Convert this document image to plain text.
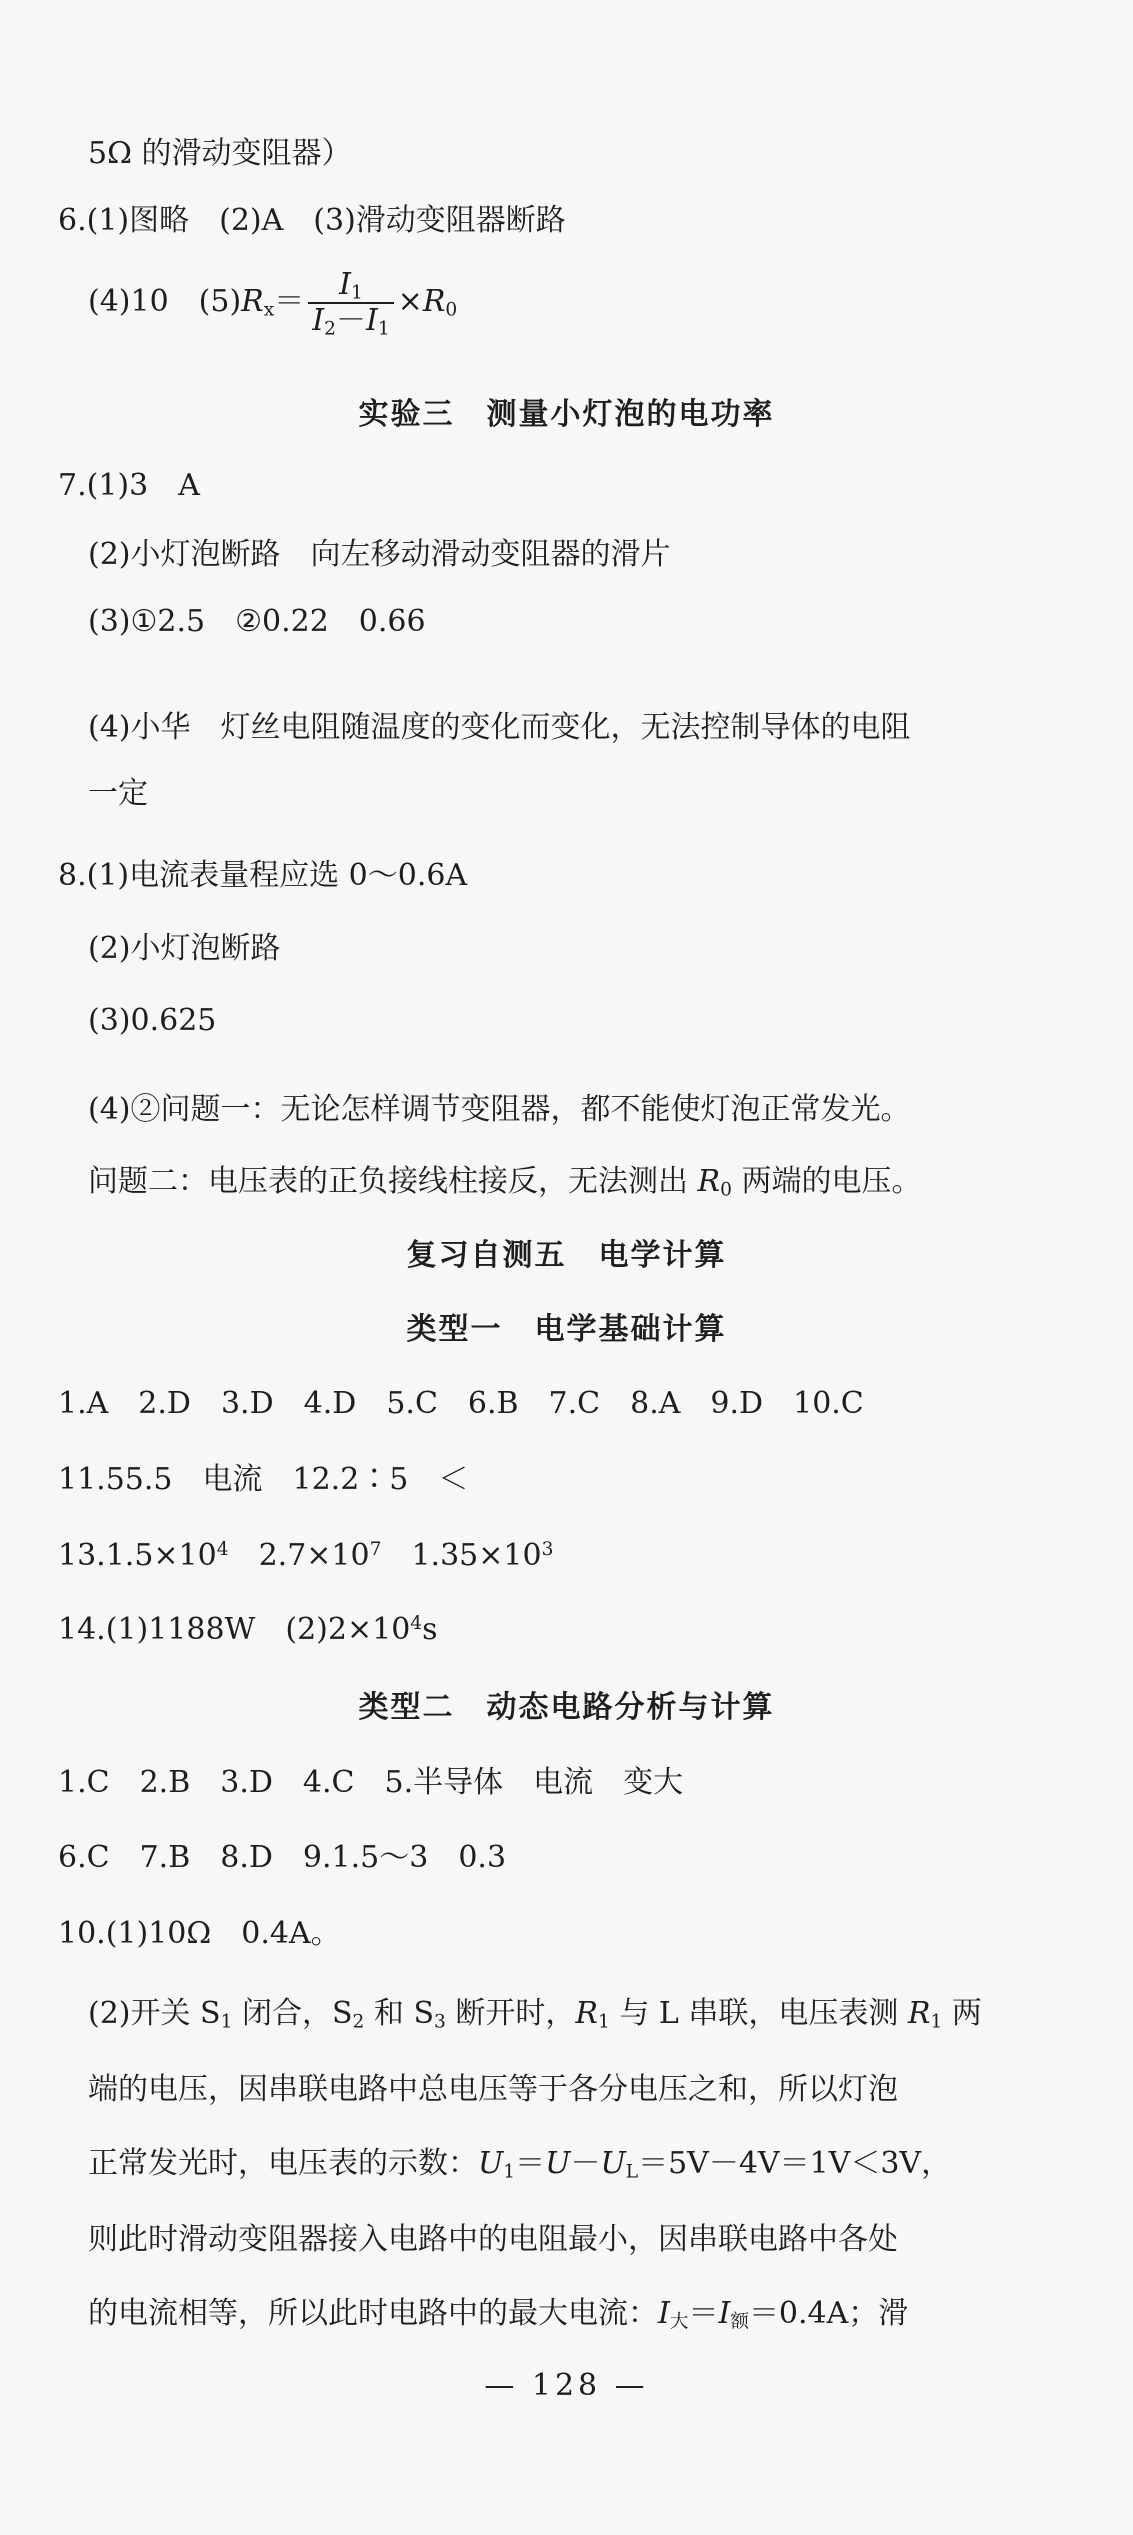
5Ω 的滑动变阻器）
6.(1)图略　(2)A　(3)滑动变阻器断路
(4)10　$(5)R_x= \frac{I_1}{I_2-I_1} \times R_0$
实验三　测量小灯泡的电功率
7.(1)3　A
(2)小灯泡断路　向左移动滑动变阻器的滑片
(3)①2.5　②0.22　0.66
(4)小华　灯丝电阻随温度的变化而变化，无法控制导体的电阻
一定
8.(1)电流表量程应选 0～0.6A
(2)小灯泡断路
(3)0.625
(4)②问题一：无论怎样调节变阻器，都不能使灯泡正常发光。
问题二：电压表的正负接线柱接反，无法测出 $R_0$ 两端的电压。
复习自测五　电学计算
类型一　电学基础计算
1.A　2.D　3.D　4.D　5.C　6.B　7.C　8.A　9.D　10.C
11.55.5　电流　12.2∶5　＜
$13.1.5\times 10^4$　$2.7\times 10^7$　$1.35\times 10^3$
14.(1)1188W　$(2)2\times 10^4s$
类型二　动态电路分析与计算
1.C　2.B　3.D　4.C　5.半导体　电流　变大
6.C　7.B　8.D　9.1.5～3　0.3
10.(1)10Ω　0.4A。
(2)开关 $S_1$ 闭合，$S_2$ 和 $S_3$ 断开时，$R_1$ 与 L 串联，电压表测 $R_1$ 两
端的电压，因串联电路中总电压等于各分电压之和，所以灯泡
正常发光时，电压表的示数：$U_1=U-U_L=5V-4V=1V<3V$，
则此时滑动变阻器接入电路中的电阻最小，因串联电路中各处
的电流相等，所以此时电路中的最大电流：$I_大=I_额=0.4A$；滑
— 128 —
